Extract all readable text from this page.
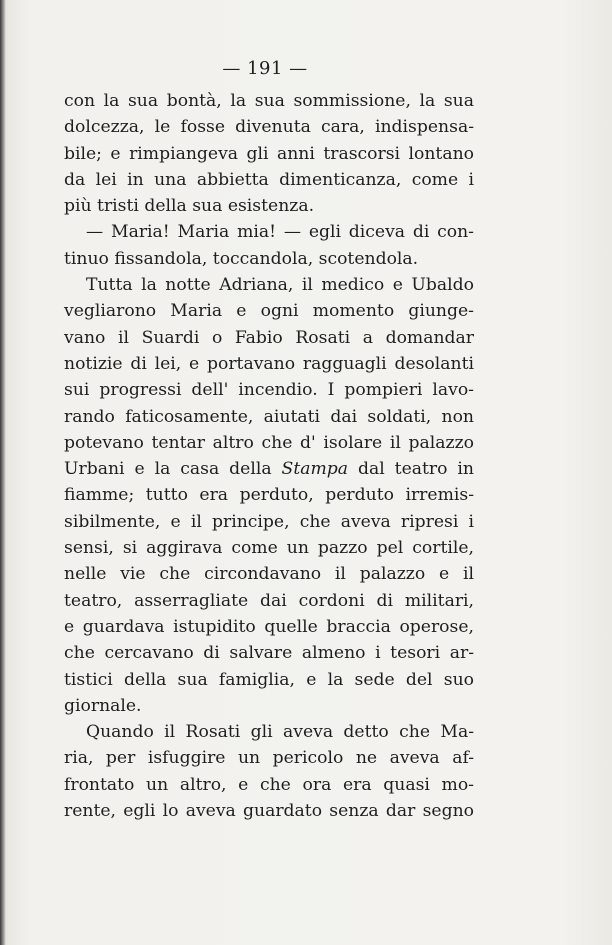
— 191 —
con la sua bontà, la sua sommissione, la sua
dolcezza, le fosse divenuta cara, indispensa-
bile; e rimpiangeva gli anni trascorsi lontano
da lei in una abbietta dimenticanza, come i
più tristi della sua esistenza.
— Maria! Maria mia! — egli diceva di con-
tinuo fissandola, toccandola, scotendola.
Tutta la notte Adriana, il medico e Ubaldo
vegliarono Maria e ogni momento giunge-
vano il Suardi o Fabio Rosati a domandar
notizie di lei, e portavano ragguagli desolanti
sui progressi dell' incendio. I pompieri lavo-
rando faticosamente, aiutati dai soldati, non
potevano tentar altro che d' isolare il palazzo
Urbani e la casa della Stampa dal teatro in
fiamme; tutto era perduto, perduto irremis-
sibilmente, e il principe, che aveva ripresi i
sensi, si aggirava come un pazzo pel cortile,
nelle vie che circondavano il palazzo e il
teatro, asserragliate dai cordoni di militari,
e guardava istupidito quelle braccia operose,
che cercavano di salvare almeno i tesori ar-
tistici della sua famiglia, e la sede del suo
giornale.
Quando il Rosati gli aveva detto che Ma-
ria, per isfuggire un pericolo ne aveva af-
frontato un altro, e che ora era quasi mo-
rente, egli lo aveva guardato senza dar segno
